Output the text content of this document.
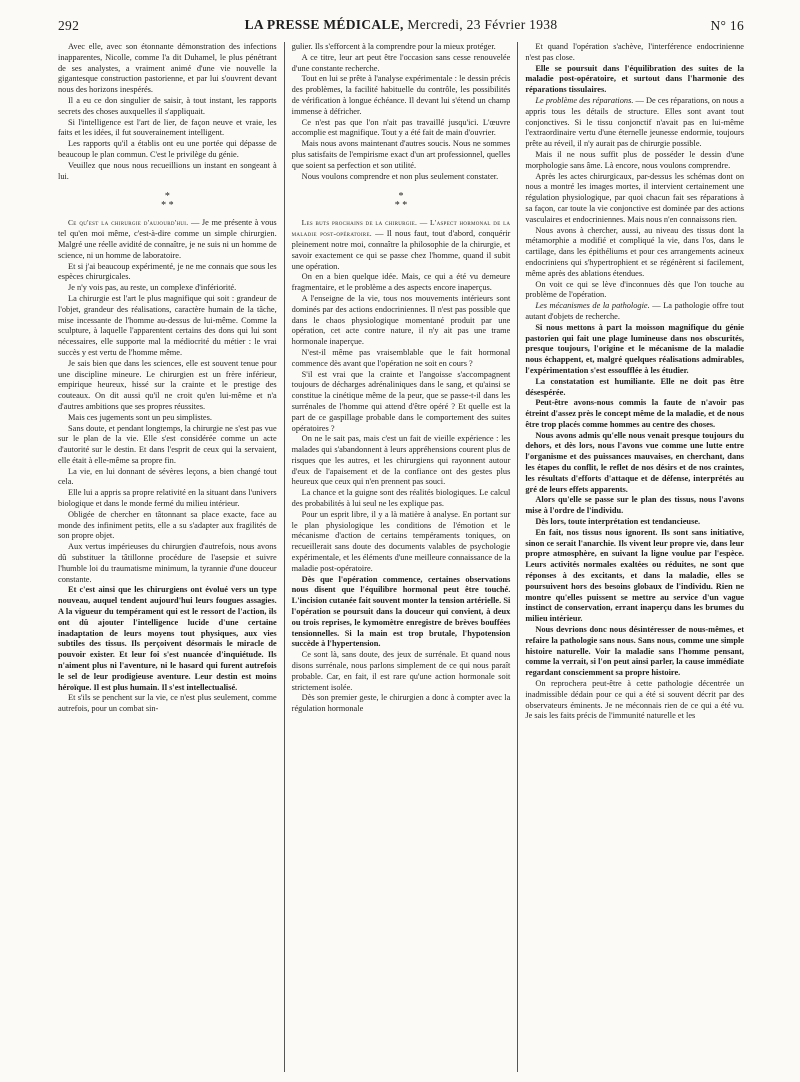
292	LA PRESSE MÉDICALE, Mercredi, 23 Février 1938	N° 16

Avec elle, avec son étonnante démonstration des infections inapparentes, Nicolle, comme l'a dit Duhamel, le plus pénétrant de ses analystes, a vraiment animé d'une vie nouvelle la gigantesque construction pastorienne, et par lui s'ouvrent devant nous des horizons inespérés.

Il a eu ce don singulier de saisir, à tout instant, les rapports secrets des choses auxquelles il s'appliquait.

Si l'intelligence est l'art de lier, de façon neuve et vraie, les faits et les idées, il fut souverainement intelligent.

Les rapports qu'il a établis ont eu une portée qui dépasse de beaucoup le plan commun. C'est le privilège du génie.

Veuillez que nous nous recueillions un instant en songeant à lui.

*
* *

Ce qu'est la chirurgie d'aujourd'hui. — Je me présente à vous tel qu'en moi même, c'est-à-dire comme un simple chirurgien. Malgré une réelle avidité de connaître, je ne suis ni un homme de science, ni un homme de laboratoire.

Et si j'ai beaucoup expérimenté, je ne me connais que sous les espèces chirurgicales.

Je n'y vois pas, au reste, un complexe d'infériorité.

La chirurgie est l'art le plus magnifique qui soit : grandeur de l'objet, grandeur des réalisations, caractère humain de la tâche, mise incessante de l'homme au-dessus de lui-même. Comme la sculpture, à laquelle l'apparentent certains des dons qui lui sont nécessaires, elle supporte mal la médiocrité du métier : le vrai succès y est vertu de l'homme même.

Je sais bien que dans les sciences, elle est souvent tenue pour une discipline mineure. Le chirurgien est un frère inférieur, empirique heureux, hissé sur la crainte et le prestige des couteaux. On dit aussi qu'il ne croit qu'en lui-même et n'a d'autres ambitions que ses propres réussites.

Mais ces jugements sont un peu simplistes.

Sans doute, et pendant longtemps, la chirurgie ne s'est pas vue sur le plan de la vie. Elle s'est considérée comme un acte d'autorité sur le destin. Et dans l'esprit de ceux qui la servaient, elle était à elle-même sa propre fin.

La vie, en lui donnant de sévères leçons, a bien changé tout cela.

Elle lui a appris sa propre relativité en la situant dans l'univers biologique et dans le monde fermé du milieu intérieur.

Obligée de chercher en tâtonnant sa place exacte, face au monde des infiniment petits, elle a su s'adapter aux fragilités de son propre objet.

Aux vertus impérieuses du chirurgien d'autrefois, nous avons dû substituer la tâtillonne procédure de l'asepsie et suivre l'humble loi du traumatisme minimum, la tyrannie d'une douceur constante.

Et c'est ainsi que les chirurgiens ont évolué vers un type nouveau, auquel tendent aujourd'hui leurs fougues assagies. A la vigueur du tempérament qui est le ressort de l'action, ils ont dû ajouter l'intelligence lucide d'une certaine inadaptation de leurs moyens tout physiques, aux vies subtiles des tissus. Ils perçoivent désormais le miracle de pouvoir exister. Et leur foi s'est nuancée d'inquiétude. Ils n'aiment plus ni l'aventure, ni le hasard qui furent autrefois le sel de leur prodigieuse aventure. Leur destin est moins héroïque. Il est plus humain. Il s'est intellectualisé.

Et s'ils se penchent sur la vie, ce n'est plus seulement, comme autrefois, pour un combat sin-

gulier. Ils s'efforcent à la comprendre pour la mieux protéger.

A ce titre, leur art peut être l'occasion sans cesse renouvelée d'une constante recherche.

Tout en lui se prête à l'analyse expérimentale : le dessin précis des problèmes, la facilité habituelle du contrôle, les possibilités de vérification à longue échéance. Il devant lui s'étend un champ immense à défricher.

Ce n'est pas que l'on n'ait pas travaillé jusqu'ici. L'œuvre accomplie est magnifique. Tout y a été fait de main d'ouvrier.

Mais nous avons maintenant d'autres soucis. Nous ne sommes plus satisfaits de l'empirisme exact d'un art professionnel, quelles que soient sa perfection et son utilité.

Nous voulons comprendre et non plus seulement constater.

*
* *

Les buts prochains de la chirurgie. — L'aspect hormonal de la maladie post-opératoire. — Il nous faut, tout d'abord, conquérir pleinement notre moi, connaître la philosophie de la chirurgie, et savoir exactement ce qui se passe chez l'homme, quand il subit une opération.

On en a bien quelque idée. Mais, ce qui a été vu demeure fragmentaire, et le problème a des aspects encore inaperçus.

A l'enseigne de la vie, tous nos mouvements intérieurs sont dominés par des actions endocriniennes. Il n'est pas possible que dans le chaos physiologique momentané produit par une opération, cet acte contre nature, il n'y ait pas une trame hormonale inaperçue.

N'est-il même pas vraisemblable que le fait hormonal commence dès avant que l'opération ne soit en cours ?

S'il est vrai que la crainte et l'angoisse s'accompagnent toujours de décharges adrénaliniques dans le sang, et qu'ainsi se constitue la cinétique même de la peur, que se passe-t-il dans les surrénales de l'homme qui attend d'être opéré ? Et quelle est la part de ce gaspillage probable dans le comportement des suites opératoires ?

On ne le sait pas, mais c'est un fait de vieille expérience : les malades qui s'abandonnent à leurs appréhensions courent plus de risques que les autres, et les chirurgiens qui rayonnent autour d'eux de l'apaisement et de la confiance ont des gestes plus heureux que ceux qui n'en prennent pas souci.

La chance et la guigne sont des réalités biologiques. Le calcul des probabilités à lui seul ne les explique pas.

Pour un esprit libre, il y a là matière à analyse. En portant sur le plan physiologique les conditions de l'émotion et le mécanisme d'action de certains tempéraments toniques, on recueillerait sans doute des documents valables de psychologie expérimentale, et les éléments d'une meilleure connaissance de la maladie post-opératoire.

Dès que l'opération commence, certaines observations nous disent que l'équilibre hormonal peut être touché. L'incision cutanée fait souvent monter la tension artérielle. Si l'opération se poursuit dans la douceur qui convient, à deux ou trois reprises, le kymomètre enregistre de brèves bouffées tensionnelles. Si la main est trop brutale, l'hypotension succède à l'hypertension.

Ce sont là, sans doute, des jeux de surrénale. Et quand nous disons surrénale, nous parlons simplement de ce qui nous paraît probable. Car, en fait, il est rare qu'une action hormonale soit strictement isolée.

Dès son premier geste, le chirurgien a donc à compter avec la régulation hormonale

Et quand l'opération s'achève, l'interférence endocrinienne n'est pas close.

Elle se poursuit dans l'équilibration des suites de la maladie post-opératoire, et surtout dans l'harmonie des réparations tissulaires.

Le problème des réparations. — De ces réparations, on nous a appris tous les détails de structure. Elles sont avant tout conjonctives. Si le tissu conjonctif n'avait pas en lui-même l'extraordinaire vertu d'une éternelle jeunesse endormie, toujours prête au réveil, il n'y aurait pas de chirurgie possible.

Mais il ne nous suffit plus de posséder le dessin d'une morphologie sans âme. Là encore, nous voulons comprendre.

Après les actes chirurgicaux, par-dessus les schémas dont on nous a montré les images mortes, il intervient certainement une régulation physiologique, par quoi chacun fait ses réparations à sa façon, car toute la vie conjonctive est dominée par des actions vasculaires et endocriniennes. Mais nous n'en connaissons rien.

Nous avons à chercher, aussi, au niveau des tissus dont la métamorphie a modifié et compliqué la vie, dans l'os, dans le cartilage, dans les épithéliums et pour ces arrangements acineux endocriniens qui s'hypertrophient et se régénèrent si facilement, même après des ablations étendues.

On voit ce qui se lève d'inconnues dès que l'on touche au problème de l'opération.

Les mécanismes de la pathologie. — La pathologie offre tout autant d'objets de recherche.

Si nous mettons à part la moisson magnifique du génie pastorien qui fait une plage lumineuse dans nos obscurités, presque toujours, l'origine et le mécanisme de la maladie nous échappent, et, malgré quelques réalisations admirables, l'expérimentation s'est essoufflée à les étudier.

La constatation est humiliante. Elle ne doit pas être désespérée.

Peut-être avons-nous commis la faute de n'avoir pas étreint d'assez près le concept même de la maladie, et de nous être trop placés comme hommes au centre des choses.

Nous avons admis qu'elle nous venait presque toujours du dehors, et dès lors, nous l'avons vue comme une lutte entre l'organisme et des puissances mauvaises, en cherchant, dans les étapes du conflit, le reflet de nos désirs et de nos craintes, les résultats d'efforts d'attaque et de défense, interprétés au gré de leurs effets apparents.

Alors qu'elle se passe sur le plan des tissus, nous l'avons mise à l'ordre de l'individu.

Dès lors, toute interprétation est tendancieuse.

En fait, nos tissus nous ignorent. Ils sont sans initiative, sinon ce serait l'anarchie. Ils vivent leur propre vie, dans leur propre atmosphère, en suivant la ligne voulue par l'espèce. Leurs activités normales exaltées ou réduites, ne sont que réponses à des excitants, et dans la maladie, elles se poursuivent hors des besoins globaux de l'individu. Rien ne montre qu'elles puissent se mettre au service d'un vague instinct de conservation, errant inaperçu dans les brumes du milieu intérieur.

Nous devrions donc nous désintéresser de nous-mêmes, et refaire la pathologie sans nous. Sans nous, comme une simple histoire naturelle. Voir la maladie sans l'homme pensant, comme la verrait, si l'on peut ainsi parler, la cause immédiate regardant consciemment sa propre histoire.

On reprochera peut-être à cette pathologie décentrée un inadmissible dédain pour ce qui a été si souvent décrit par des observateurs éminents. Je ne méconnais rien de ce qui a été vu. Je sais les faits précis de l'immunité naturelle et les
